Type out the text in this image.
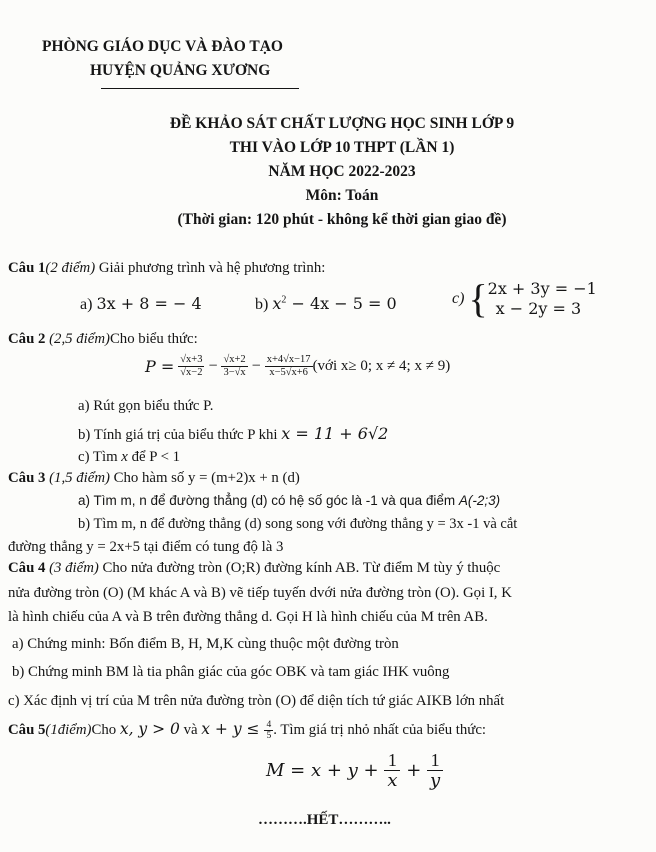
PHÒNG GIÁO DỤC VÀ ĐÀO TẠO
HUYỆN QUẢNG XƯƠNG
ĐỀ KHẢO SÁT CHẤT LƯỢNG HỌC SINH LỚP 9
THI VÀO LỚP 10 THPT (LẦN 1)
NĂM HỌC 2022-2023
Môn: Toán
(Thời gian: 120 phút - không kể thời gian giao đề)
Câu 1(2 điểm) Giải phương trình và hệ phương trình:
a) 3x + 8 = − 4	b) $x^2 - 4x - 5 = 0$	c) { 2x + 3y = −1
x − 2y = 3
Câu 2 (2,5 điểm)Cho biểu thức:
$P = \frac{√x+3}{√x-2} - \frac{√x+2}{3-√x} - \frac{x+4√x-17}{x-5√x+6}$ (với x≥ 0; x ≠ 4; x ≠ 9)
a) Rút gọn biểu thức P.
b) Tính giá trị của biểu thức P khi x = 11 + 6√2
c) Tìm x để P < 1
Câu 3 (1,5 điểm) Cho hàm số y = (m+2)x + n (d)
a) Tìm m, n để đường thẳng (d) có hệ số góc là -1 và qua điểm A(-2;3)
b) Tìm m, n để đường thẳng (d) song song với đường thẳng y = 3x -1 và cắt
đường thẳng y = 2x+5 tại điểm có tung độ là 3
Câu 4 (3 điểm) Cho nửa đường tròn (O;R) đường kính AB. Từ điểm M tùy ý thuộc
nửa đường tròn (O) (M khác A và B) vẽ tiếp tuyến dvới nửa đường tròn (O). Gọi I, K
là hình chiếu của A và B trên đường thẳng d. Gọi H là hình chiếu của M trên AB.
a) Chứng minh: Bốn điểm B, H, M,K cùng thuộc một đường tròn
b) Chứng minh BM là tia phân giác của góc OBK và tam giác IHK vuông
c) Xác định vị trí của M trên nửa đường tròn (O) để diện tích tứ giác AIKB lớn nhất
Câu 5(1điểm)Cho x, y > 0 và $x + y \le \frac{4}{5}$ . Tìm giá trị nhỏ nhất của biểu thức:
$M = x + y + \frac{1}{x} + \frac{1}{y}$
……….HẾT………..
